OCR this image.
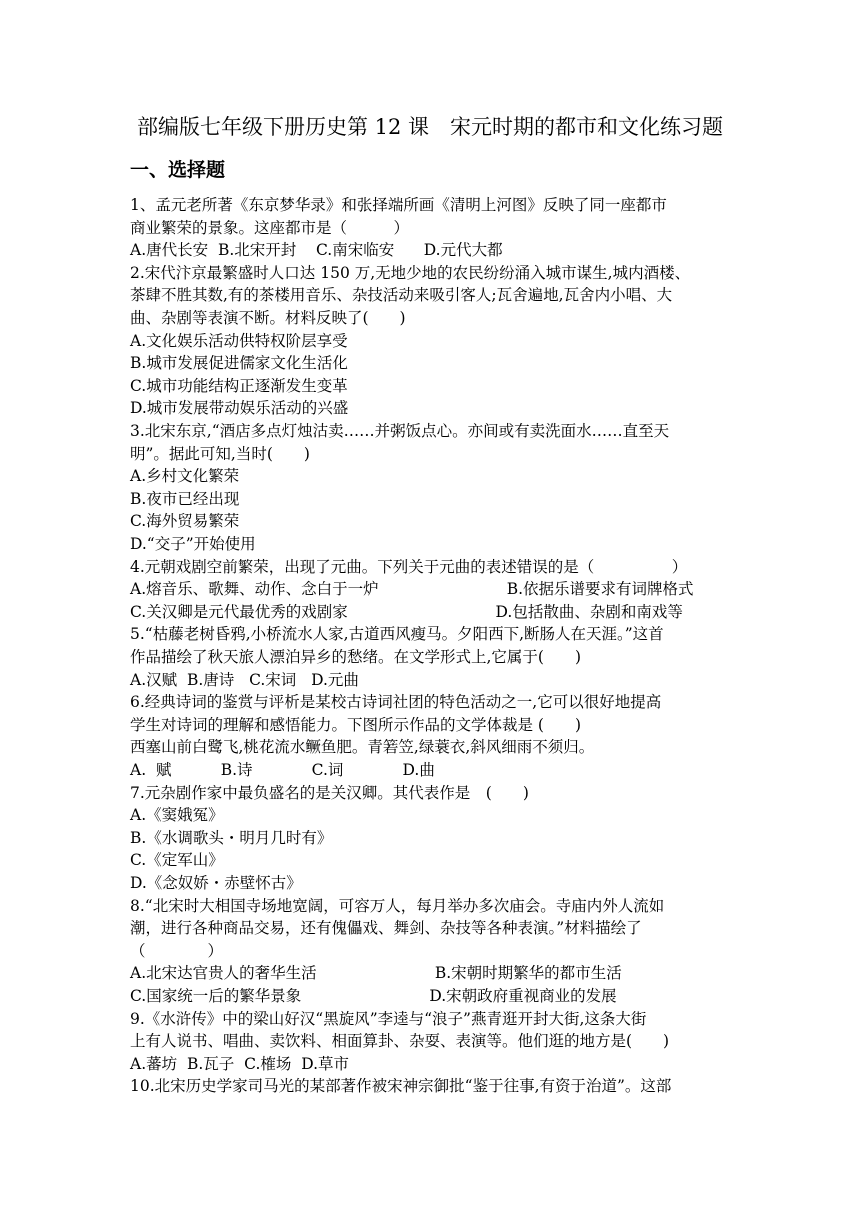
部编版七年级下册历史第 12 课　宋元时期的都市和文化练习题
一、选择题
1、孟元老所著《东京梦华录》和张择端所画《清明上河图》反映了同一座都市
商业繁荣的景象。这座都市是（　　　）
A.唐代长安  B.北宋开封    C.南宋临安      D.元代大都
2.宋代汴京最繁盛时人口达 150 万,无地少地的农民纷纷涌入城市谋生,城内酒楼、
茶肆不胜其数,有的茶楼用音乐、杂技活动来吸引客人;瓦舍遍地,瓦舍内小唱、大
曲、杂剧等表演不断。材料反映了(　　)
A.文化娱乐活动供特权阶层享受
B.城市发展促进儒家文化生活化
C.城市功能结构正逐渐发生变革
D.城市发展带动娱乐活动的兴盛
3.北宋东京,“酒店多点灯烛沽卖……并粥饭点心。亦间或有卖洗面水……直至天
明”。据此可知,当时(　　)
A.乡村文化繁荣
B.夜市已经出现
C.海外贸易繁荣
D.“交子”开始使用
4.元朝戏剧空前繁荣，出现了元曲。下列关于元曲的表述错误的是（　　　　　）
A.熔音乐、歌舞、动作、念白于一炉                          B.依据乐谱要求有词牌格式
C.关汉卿是元代最优秀的戏剧家                              D.包括散曲、杂剧和南戏等
5.“枯藤老树昏鸦,小桥流水人家,古道西风瘦马。夕阳西下,断肠人在天涯。”这首
作品描绘了秋天旅人漂泊异乡的愁绪。在文学形式上,它属于(　　)
A.汉赋  B.唐诗   C.宋词   D.元曲
6.经典诗词的鉴赏与评析是某校古诗词社团的特色活动之一,它可以很好地提高
学生对诗词的理解和感悟能力。下图所示作品的文学体裁是 (　　)
西塞山前白鹭飞,桃花流水鳜鱼肥。青箬笠,绿蓑衣,斜风细雨不须归。
A.  赋          B.诗            C.词            D.曲
7.元杂剧作家中最负盛名的是关汉卿。其代表作是　(　　)
A.《窦娥冤》
B.《水调歌头・明月几时有》
C.《定军山》
D.《念奴娇・赤壁怀古》
8.“北宋时大相国寺场地宽阔，可容万人，每月举办多次庙会。寺庙内外人流如
潮，进行各种商品交易，还有傀儡戏、舞剑、杂技等各种表演。”材料描绘了
（　　　　）
A.北宋达官贵人的奢华生活                        B.宋朝时期繁华的都市生活
C.国家统一后的繁华景象                          D.宋朝政府重视商业的发展
9.《水浒传》中的梁山好汉“黑旋风”李逵与“浪子”燕青逛开封大街,这条大街
上有人说书、唱曲、卖饮料、相面算卦、杂耍、表演等。他们逛的地方是(　　)
A.蕃坊  B.瓦子  C.榷场  D.草市
10.北宋历史学家司马光的某部著作被宋神宗御批“鉴于往事,有资于治道”。这部
